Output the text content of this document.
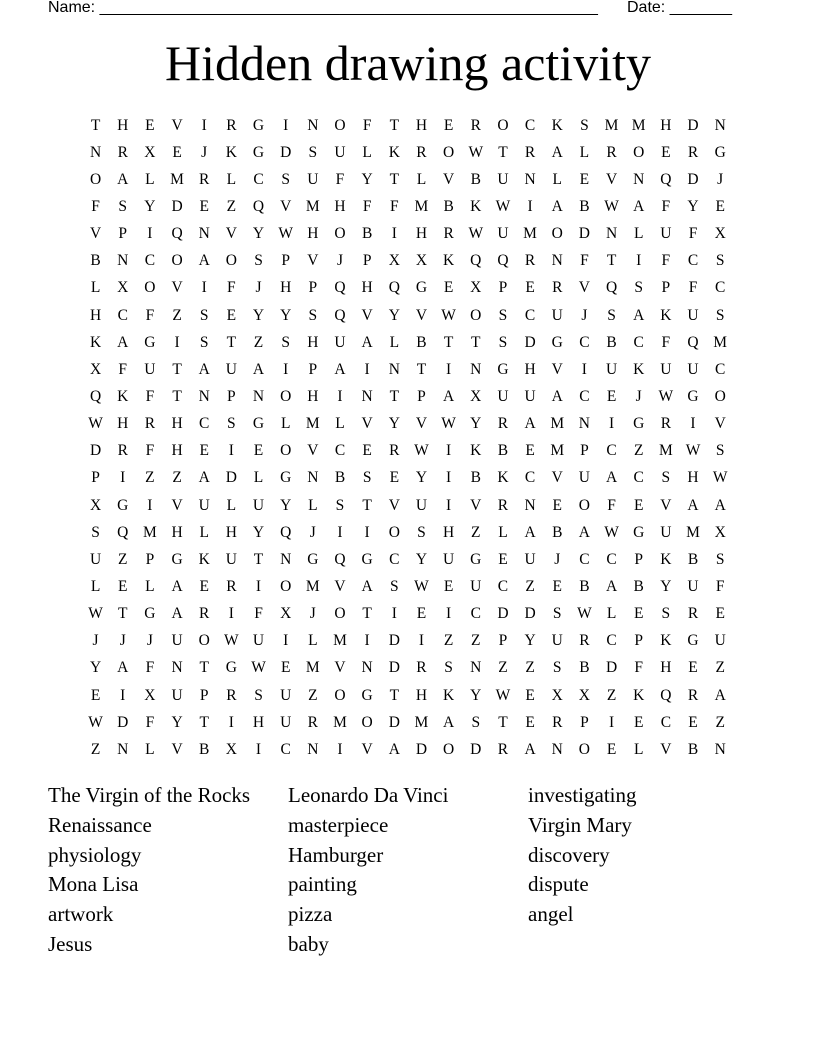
Name: ________________________________________________________ Date: _______
Hidden drawing activity
T	H	E	V	I	R	G	I	N	O	F	T	H	E	R	O	C	K	S	M M H	D	N
N	R	X	E	J	K	G	D	S	U	L	K	R	O W T	R	A	L	R	O	E	R	G
O	A	L	M R	L	C	S	U	F	Y	T	L	V	B	U	N	L	E	V	N	Q	D	J
F	S	Y	D	E	Z	Q	V M H	F	F	M B	K W	I	A	B W A	F	Y	E
V	P	I	Q	N	V	Y W H	O	B	I	H	R W U M O	D	N	L	U	F	X
B	N	C	O	A	O	S	P	V	J	P	X	X	K	Q	Q	R	N	F	T	I	F	C	S
L	X	O	V	I	F	J	H	P	Q	H	Q	G	E	X	P	E	R	V	Q	S	P	F	C
H	C	F	Z	S	E	Y	Y	S	Q	V	Y	V W O	S	C	U	J	S	A	K	U	S
K	A	G	I	S	T	Z	S	H	U	A	L	B	T	T	S	D	G	C	B	C	F	Q M
X	F	U	T	A	U	A	I	P	A	I	N	T	I	N	G	H	V	I	U	K	U	U	C
Q	K	F	T	N	P	N	O	H	I	N	T	P	A	X	U	U	A	C	E	J	W G	O
W H	R	H	C	S	G	L	M	L	V	Y	V W Y	R	A M N	I	G	R	I	V
D	R	F	H	E	I	E	O	V	C	E	R W	I	K	B	E	M	P	C	Z	M W	S
P	I	Z	Z	A	D	L	G	N	B	S	E	Y	I	B	K	C	V	U	A	C	S	H W
X	G	I	V	U	L	U	Y	L	S	T	V	U	I	V	R	N	E	O	F	E	V	A	A
S	Q M H	L	H	Y	Q	J	I	I	O	S	H	Z	L	A	B	A W G	U M X
U	Z	P	G	K	U	T	N	G	Q	G	C	Y	U	G	E	U	J	C	C	P	K	B	S
L	E	L	A	E	R	I	O M V	A	S	W E	U	C	Z	E	B	A	B	Y	U	F
W T	G	A	R	I	F	X	J	O	T	I	E	I	C	D	D	S	W L	E	S	R	E
J	J	J	U	O W U	I	L	M	I	D	I	Z	Z	P	Y	U	R	C	P	K	G	U
Y	A	F	N	T	G W E	M V	N	D	R	S	N	Z	Z	S	B	D	F	H	E	Z
E	I	X	U	P	R	S	U	Z	O	G	T	H	K	Y W E	X	X	Z	K	Q	R	A
W D	F	Y	T	I	H	U	R M O	D M A	S	T	E	R	P	I	E	C	E	Z
Z	N	L	V	B	X	I	C	N	I	V	A	D	O	D	R	A	N	O	E	L	V	B	N
The Virgin of the Rocks
Renaissance
physiology
Mona Lisa
artwork
Jesus
Leonardo Da Vinci
masterpiece
Hamburger
painting
pizza
baby
investigating
Virgin Mary
discovery
dispute
angel
